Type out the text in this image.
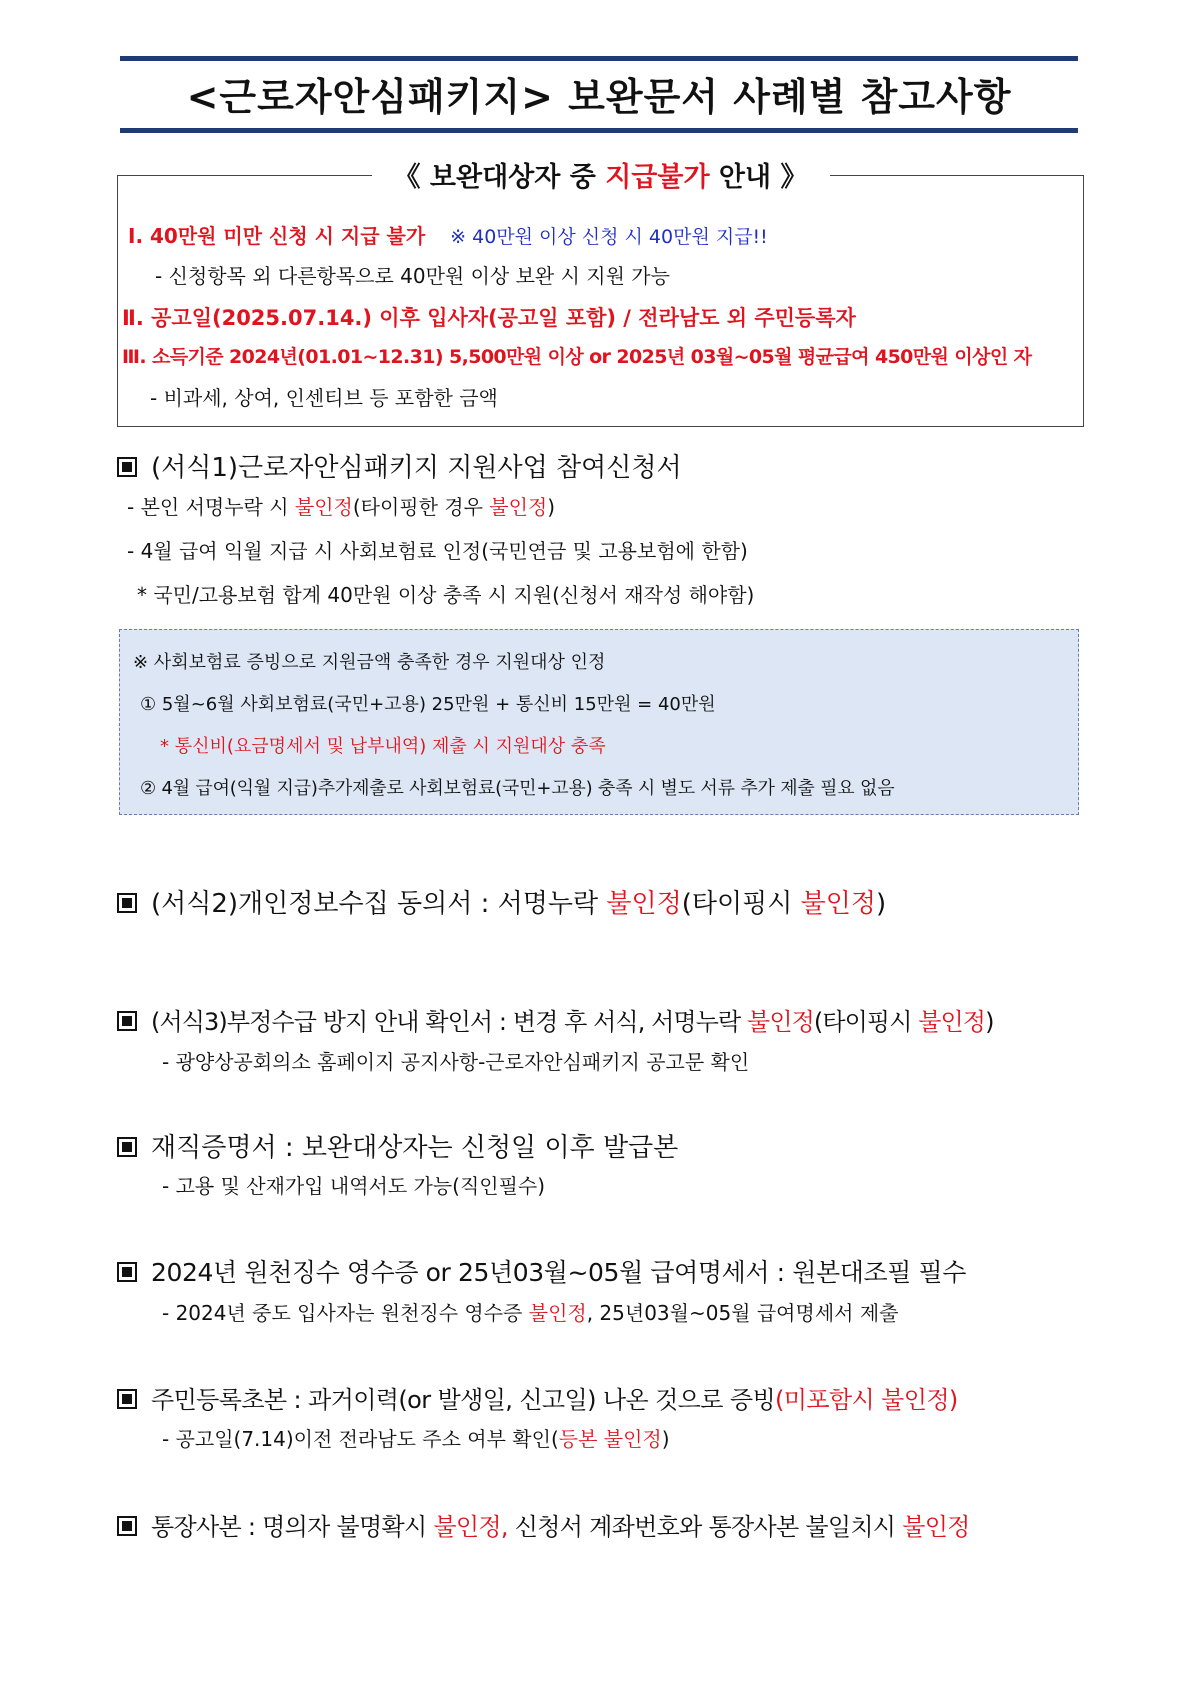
<근로자안심패키지> 보완문서 사례별 참고사항
《 보완대상자 중 지급불가 안내 》
Ⅰ. 40만원 미만 신청 시 지급 불가 ※ 40만원 이상 신청 시 40만원 지급!!
- 신청항목 외 다른항목으로 40만원 이상 보완 시 지원 가능
Ⅱ. 공고일(2025.07.14.) 이후 입사자(공고일 포함) / 전라남도 외 주민등록자
Ⅲ. 소득기준 2024년(01.01~12.31) 5,500만원 이상 or 2025년 03월~05월 평균급여 450만원 이상인 자
- 비과세, 상여, 인센티브 등 포함한 금액
(서식1)근로자안심패키지 지원사업 참여신청서
- 본인 서명누락 시 불인정(타이핑한 경우 불인정)
- 4월 급여 익월 지급 시 사회보험료 인정(국민연금 및 고용보험에 한함)
* 국민/고용보험 합계 40만원 이상 충족 시 지원(신청서 재작성 해야함)
※ 사회보험료 증빙으로 지원금액 충족한 경우 지원대상 인정
① 5월~6월 사회보험료(국민+고용) 25만원 + 통신비 15만원 = 40만원
* 통신비(요금명세서 및 납부내역) 제출 시 지원대상 충족
② 4월 급여(익월 지급)추가제출로 사회보험료(국민+고용) 충족 시 별도 서류 추가 제출 필요 없음
(서식2)개인정보수집 동의서 : 서명누락 불인정(타이핑시 불인정)
(서식3)부정수급 방지 안내 확인서 : 변경 후 서식, 서명누락 불인정(타이핑시 불인정)
- 광양상공회의소 홈페이지 공지사항-근로자안심패키지 공고문 확인
재직증명서 : 보완대상자는 신청일 이후 발급본
- 고용 및 산재가입 내역서도 가능(직인필수)
2024년 원천징수 영수증 or 25년03월~05월 급여명세서 : 원본대조필 필수
- 2024년 중도 입사자는 원천징수 영수증 불인정, 25년03월~05월 급여명세서 제출
주민등록초본 : 과거이력(or 발생일, 신고일) 나온 것으로 증빙(미포함시 불인정)
- 공고일(7.14)이전 전라남도 주소 여부 확인(등본 불인정)
통장사본 : 명의자 불명확시 불인정, 신청서 계좌번호와 통장사본 불일치시 불인정
